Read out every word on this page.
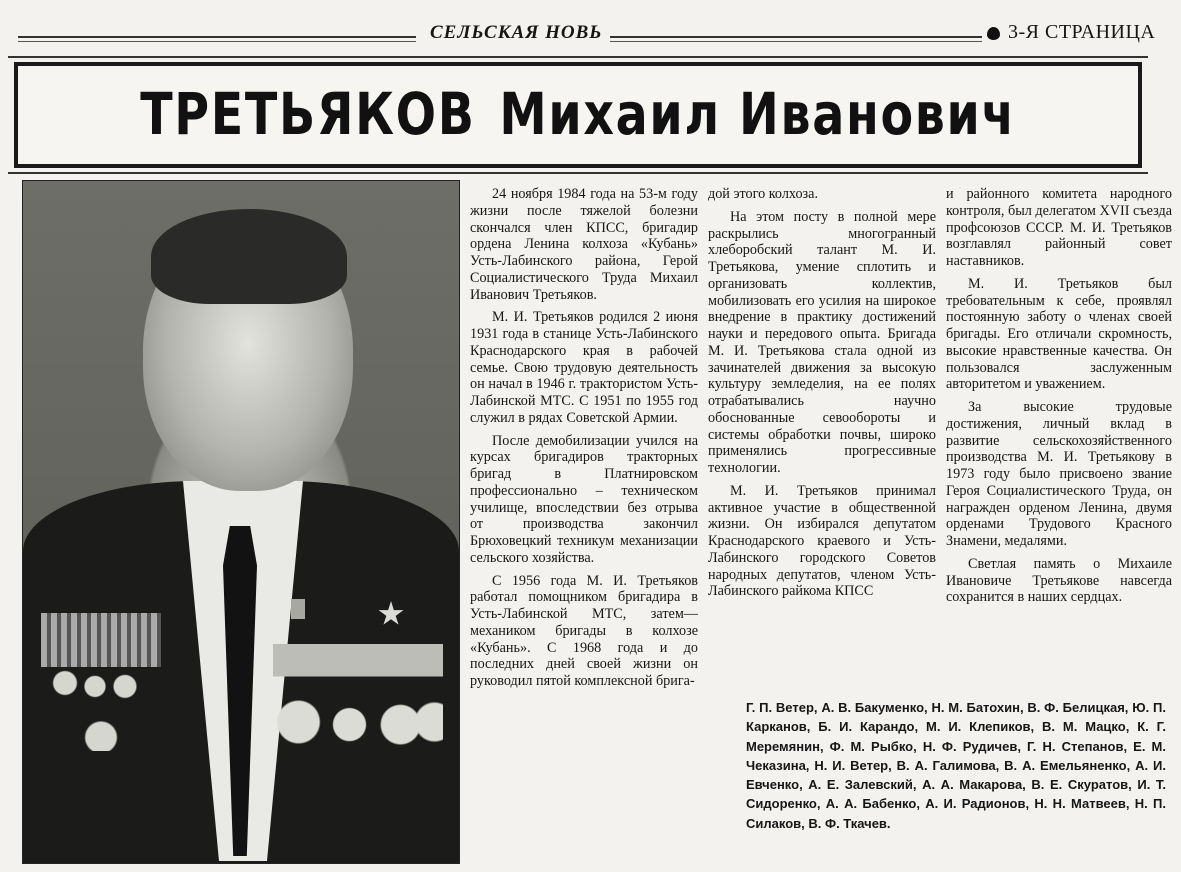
СЕЛЬСКАЯ НОВЬ	3-Я СТРАНИЦА
ТРЕТЬЯКОВ Михаил Иванович

24 ноября 1984 года на 53-м году жизни после тяжелой болезни скончался член КПСС, бригадир ордена Ленина колхоза «Кубань» Усть-Лабинского района, Герой Социалистического Труда Михаил Иванович Третьяков.

М. И. Третьяков родился 2 июня 1931 года в станице Усть-Лабинского Краснодарского края в рабочей семье. Свою трудовую деятельность он начал в 1946 г. трактористом Усть-Лабинской МТС. С 1951 по 1955 год служил в рядах Советской Армии.

После демобилизации учился на курсах бригадиров тракторных бригад в Платнировском профессионально – техническом училище, впоследствии без отрыва от производства закончил Брюховецкий техникум механизации сельского хозяйства.

С 1956 года М. И. Третьяков работал помощником бригадира в Усть-Лабинской МТС, затем—механиком бригады в колхозе «Кубань». С 1968 года и до последних дней своей жизни он руководил пятой комплексной брига-

дой этого колхоза.

На этом посту в полной мере раскрылись многогранный хлеборобский талант М. И. Третьякова, умение сплотить и организовать коллектив, мобилизовать его усилия на широкое внедрение в практику достижений науки и передового опыта. Бригада М. И. Третьякова стала одной из зачинателей движения за высокую культуру земледелия, на ее полях отрабатывались научно обоснованные севообороты и системы обработки почвы, широко применялись прогрессивные технологии.

М. И. Третьяков принимал активное участие в общественной жизни. Он избирался депутатом Краснодарского краевого и Усть-Лабинского городского Советов народных депутатов, членом Усть-Лабинского райкома КПСС

и районного комитета народного контроля, был делегатом XVII съезда профсоюзов СССР. М. И. Третьяков возглавлял районный совет наставников.

М. И. Третьяков был требовательным к себе, проявлял постоянную заботу о членах своей бригады. Его отличали скромность, высокие нравственные качества. Он пользовался заслуженным авторитетом и уважением.

За высокие трудовые достижения, личный вклад в развитие сельскохозяйственного производства М. И. Третьякову в 1973 году было присвоено звание Героя Социалистического Труда, он награжден орденом Ленина, двумя орденами Трудового Красного Знамени, медалями.

Светлая память о Михаиле Ивановиче Третьякове навсегда сохранится в наших сердцах.

Г. П. Ветер, А. В. Бакуменко, Н. М. Батохин, В. Ф. Белицкая, Ю. П. Карканов, Б. И. Карандо, М. И. Клепиков, В. М. Мацко, К. Г. Меремянин, Ф. М. Рыбко, Н. Ф. Рудичев, Г. Н. Степанов, Е. М. Чеказина, Н. И. Ветер, В. А. Галимова, В. А. Емельяненко, А. И. Евченко, А. Е. Залевский, А. А. Макарова, В. Е. Скуратов, И. Т. Сидоренко, А. А. Бабенко, А. И. Радионов, Н. Н. Матвеев, Н. П. Силаков, В. Ф. Ткачев.
